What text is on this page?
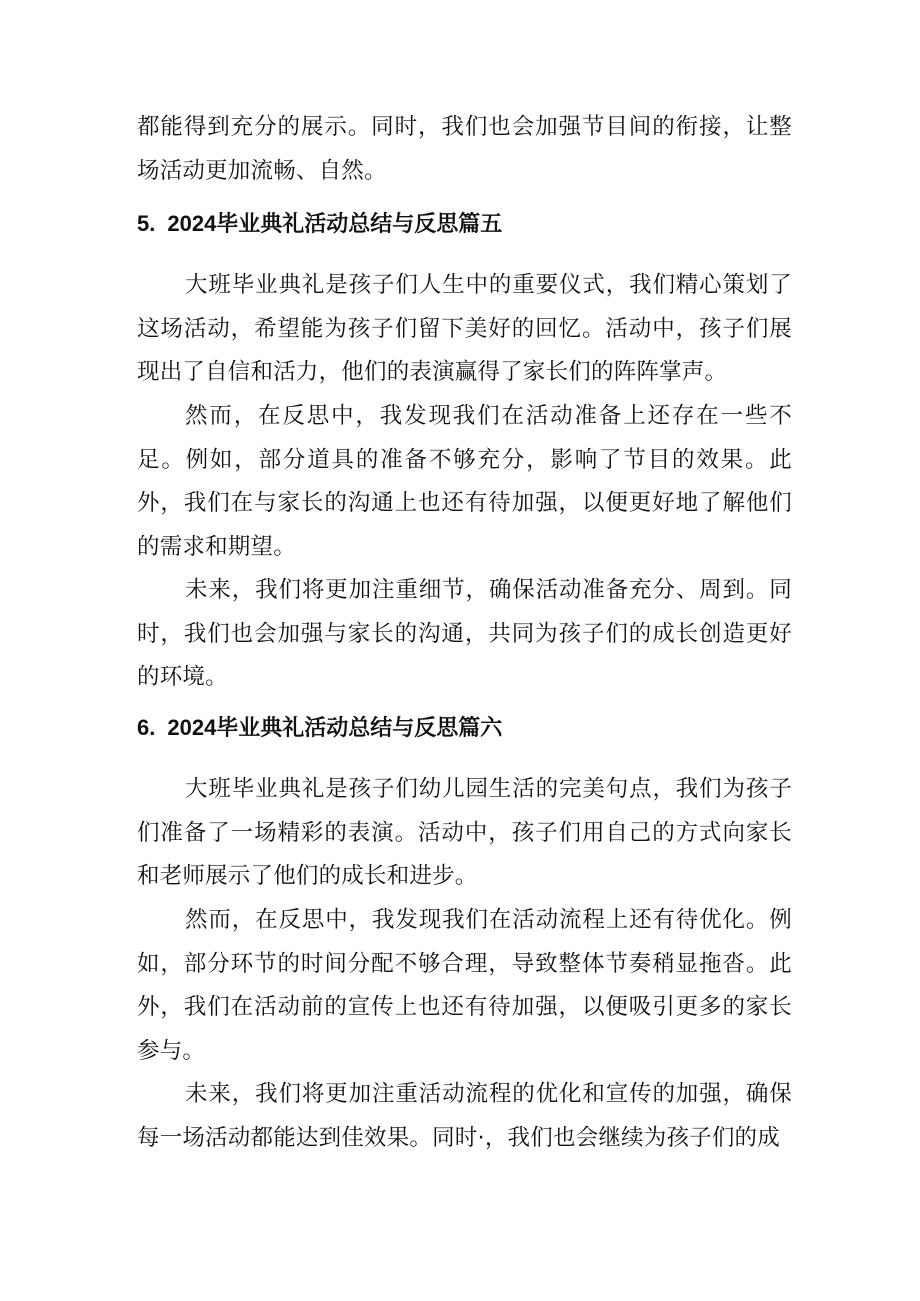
都能得到充分的展示。同时，我们也会加强节目间的衔接，让整场活动更加流畅、自然。

5. 2024毕业典礼活动总结与反思篇五

大班毕业典礼是孩子们人生中的重要仪式，我们精心策划了这场活动，希望能为孩子们留下美好的回忆。活动中，孩子们展现出了自信和活力，他们的表演赢得了家长们的阵阵掌声。

然而，在反思中，我发现我们在活动准备上还存在一些不足。例如，部分道具的准备不够充分，影响了节目的效果。此外，我们在与家长的沟通上也还有待加强，以便更好地了解他们的需求和期望。

未来，我们将更加注重细节，确保活动准备充分、周到。同时，我们也会加强与家长的沟通，共同为孩子们的成长创造更好的环境。

6. 2024毕业典礼活动总结与反思篇六

大班毕业典礼是孩子们幼儿园生活的完美句点，我们为孩子们准备了一场精彩的表演。活动中，孩子们用自己的方式向家长和老师展示了他们的成长和进步。

然而，在反思中，我发现我们在活动流程上还有待优化。例如，部分环节的时间分配不够合理，导致整体节奏稍显拖沓。此外，我们在活动前的宣传上也还有待加强，以便吸引更多的家长参与。

未来，我们将更加注重活动流程的优化和宣传的加强，确保每一场活动都能达到佳效果。同时·，我们也会继续为孩子们的成
